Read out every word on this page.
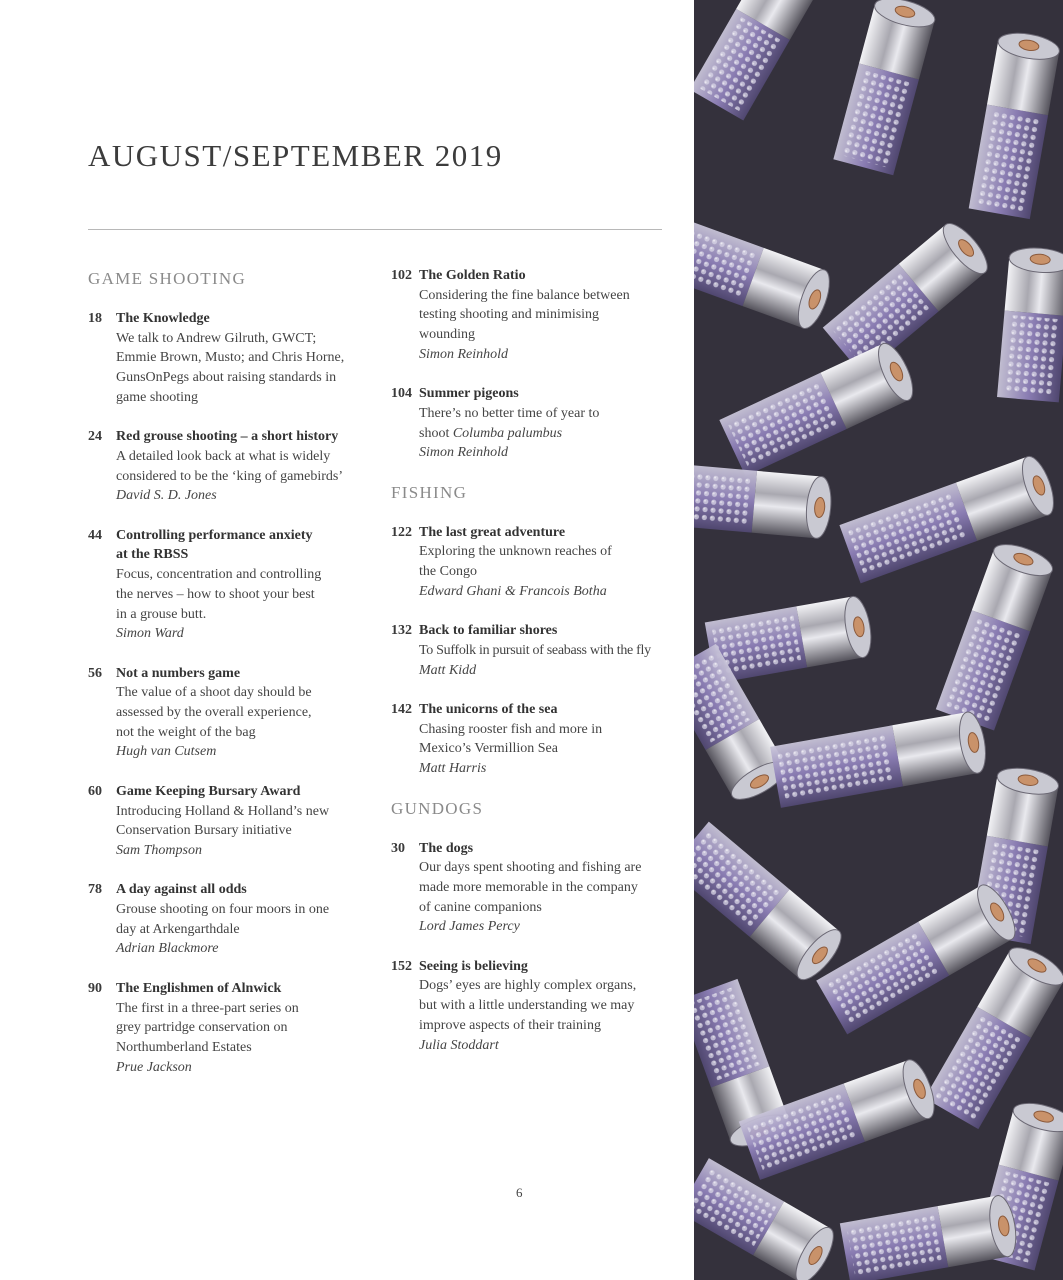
AUGUST/SEPTEMBER 2019
GAME SHOOTING
18 The Knowledge
We talk to Andrew Gilruth, GWCT;
Emmie Brown, Musto; and Chris Horne,
GunsOnPegs about raising standards in
game shooting
24 Red grouse shooting – a short history
A detailed look back at what is widely
considered to be the ‘king of gamebirds’
David S. D. Jones
44 Controlling performance anxiety
at the RBSS
Focus, concentration and controlling
the nerves – how to shoot your best
in a grouse butt.
Simon Ward
56 Not a numbers game
The value of a shoot day should be
assessed by the overall experience,
not the weight of the bag
Hugh van Cutsem
60 Game Keeping Bursary Award
Introducing Holland & Holland’s new
Conservation Bursary initiative
Sam Thompson
78 A day against all odds
Grouse shooting on four moors in one
day at Arkengarthdale
Adrian Blackmore
90 The Englishmen of Alnwick
The first in a three-part series on
grey partridge conservation on
Northumberland Estates
Prue Jackson
102 The Golden Ratio
Considering the fine balance between
testing shooting and minimising
wounding
Simon Reinhold
104 Summer pigeons
There’s no better time of year to
shoot Columba palumbus
Simon Reinhold
FISHING
122 The last great adventure
Exploring the unknown reaches of
the Congo
Edward Ghani & Francois Botha
132 Back to familiar shores
To Suffolk in pursuit of seabass with the fly
Matt Kidd
142 The unicorns of the sea
Chasing rooster fish and more in
Mexico’s Vermillion Sea
Matt Harris
GUNDOGS
30 The dogs
Our days spent shooting and fishing are
made more memorable in the company
of canine companions
Lord James Percy
152 Seeing is believing
Dogs’ eyes are highly complex organs,
but with a little understanding we may
improve aspects of their training
Julia Stoddart
6
